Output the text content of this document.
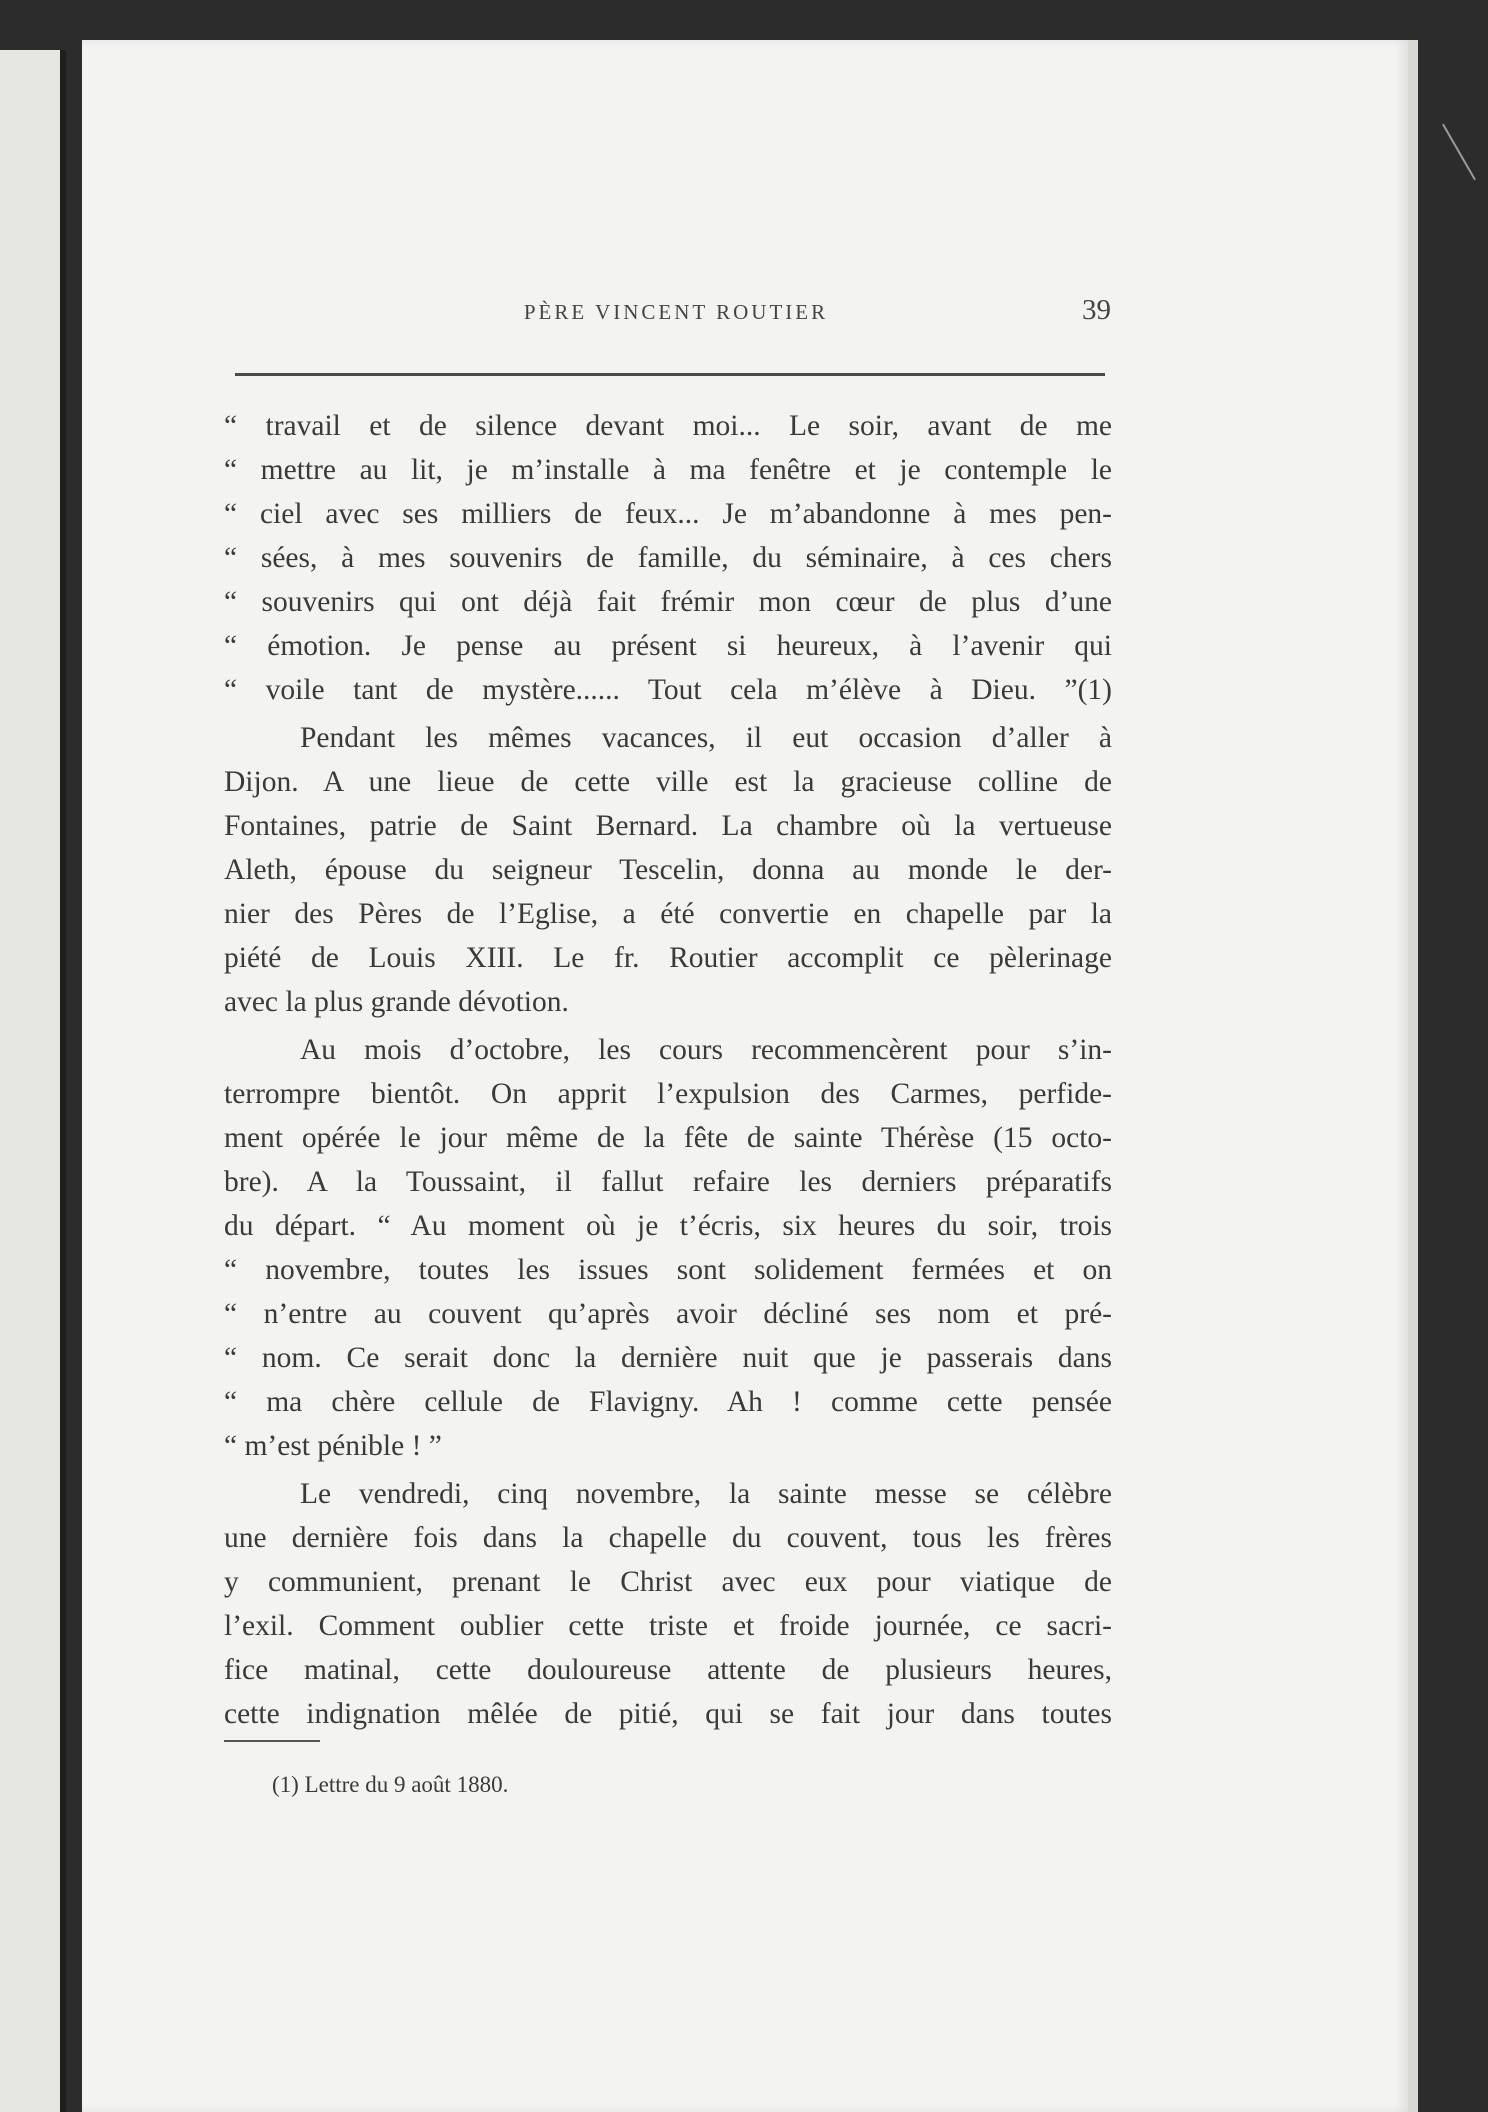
PÈRE VINCENT ROUTIER	39
“ travail et de silence devant moi... Le soir, avant de me
“ mettre au lit, je m’installe à ma fenêtre et je contemple le
“ ciel avec ses milliers de feux... Je m’abandonne à mes pen-
“ sées, à mes souvenirs de famille, du séminaire, à ces chers
“ souvenirs qui ont déjà fait frémir mon cœur de plus d’une
“ émotion. Je pense au présent si heureux, à l’avenir qui
“ voile tant de mystère...... Tout cela m’élève à Dieu. ”(1)
Pendant les mêmes vacances, il eut occasion d’aller à
Dijon. A une lieue de cette ville est la gracieuse colline de
Fontaines, patrie de Saint Bernard. La chambre où la vertueuse
Aleth, épouse du seigneur Tescelin, donna au monde le der-
nier des Pères de l’Eglise, a été convertie en chapelle par la
piété de Louis XIII. Le fr. Routier accomplit ce pèlerinage
avec la plus grande dévotion.
Au mois d’octobre, les cours recommencèrent pour s’in-
terrompre bientôt. On apprit l’expulsion des Carmes, perfide-
ment opérée le jour même de la fête de sainte Thérèse (15 octo-
bre). A la Toussaint, il fallut refaire les derniers préparatifs
du départ. “ Au moment où je t’écris, six heures du soir, trois
“ novembre, toutes les issues sont solidement fermées et on
“ n’entre au couvent qu’après avoir décliné ses nom et pré-
“ nom. Ce serait donc la dernière nuit que je passerais dans
“ ma chère cellule de Flavigny. Ah ! comme cette pensée
“ m’est pénible ! ”
Le vendredi, cinq novembre, la sainte messe se célèbre
une dernière fois dans la chapelle du couvent, tous les frères
y communient, prenant le Christ avec eux pour viatique de
l’exil. Comment oublier cette triste et froide journée, ce sacri-
fice matinal, cette douloureuse attente de plusieurs heures,
cette indignation mêlée de pitié, qui se fait jour dans toutes
(1) Lettre du 9 août 1880.
